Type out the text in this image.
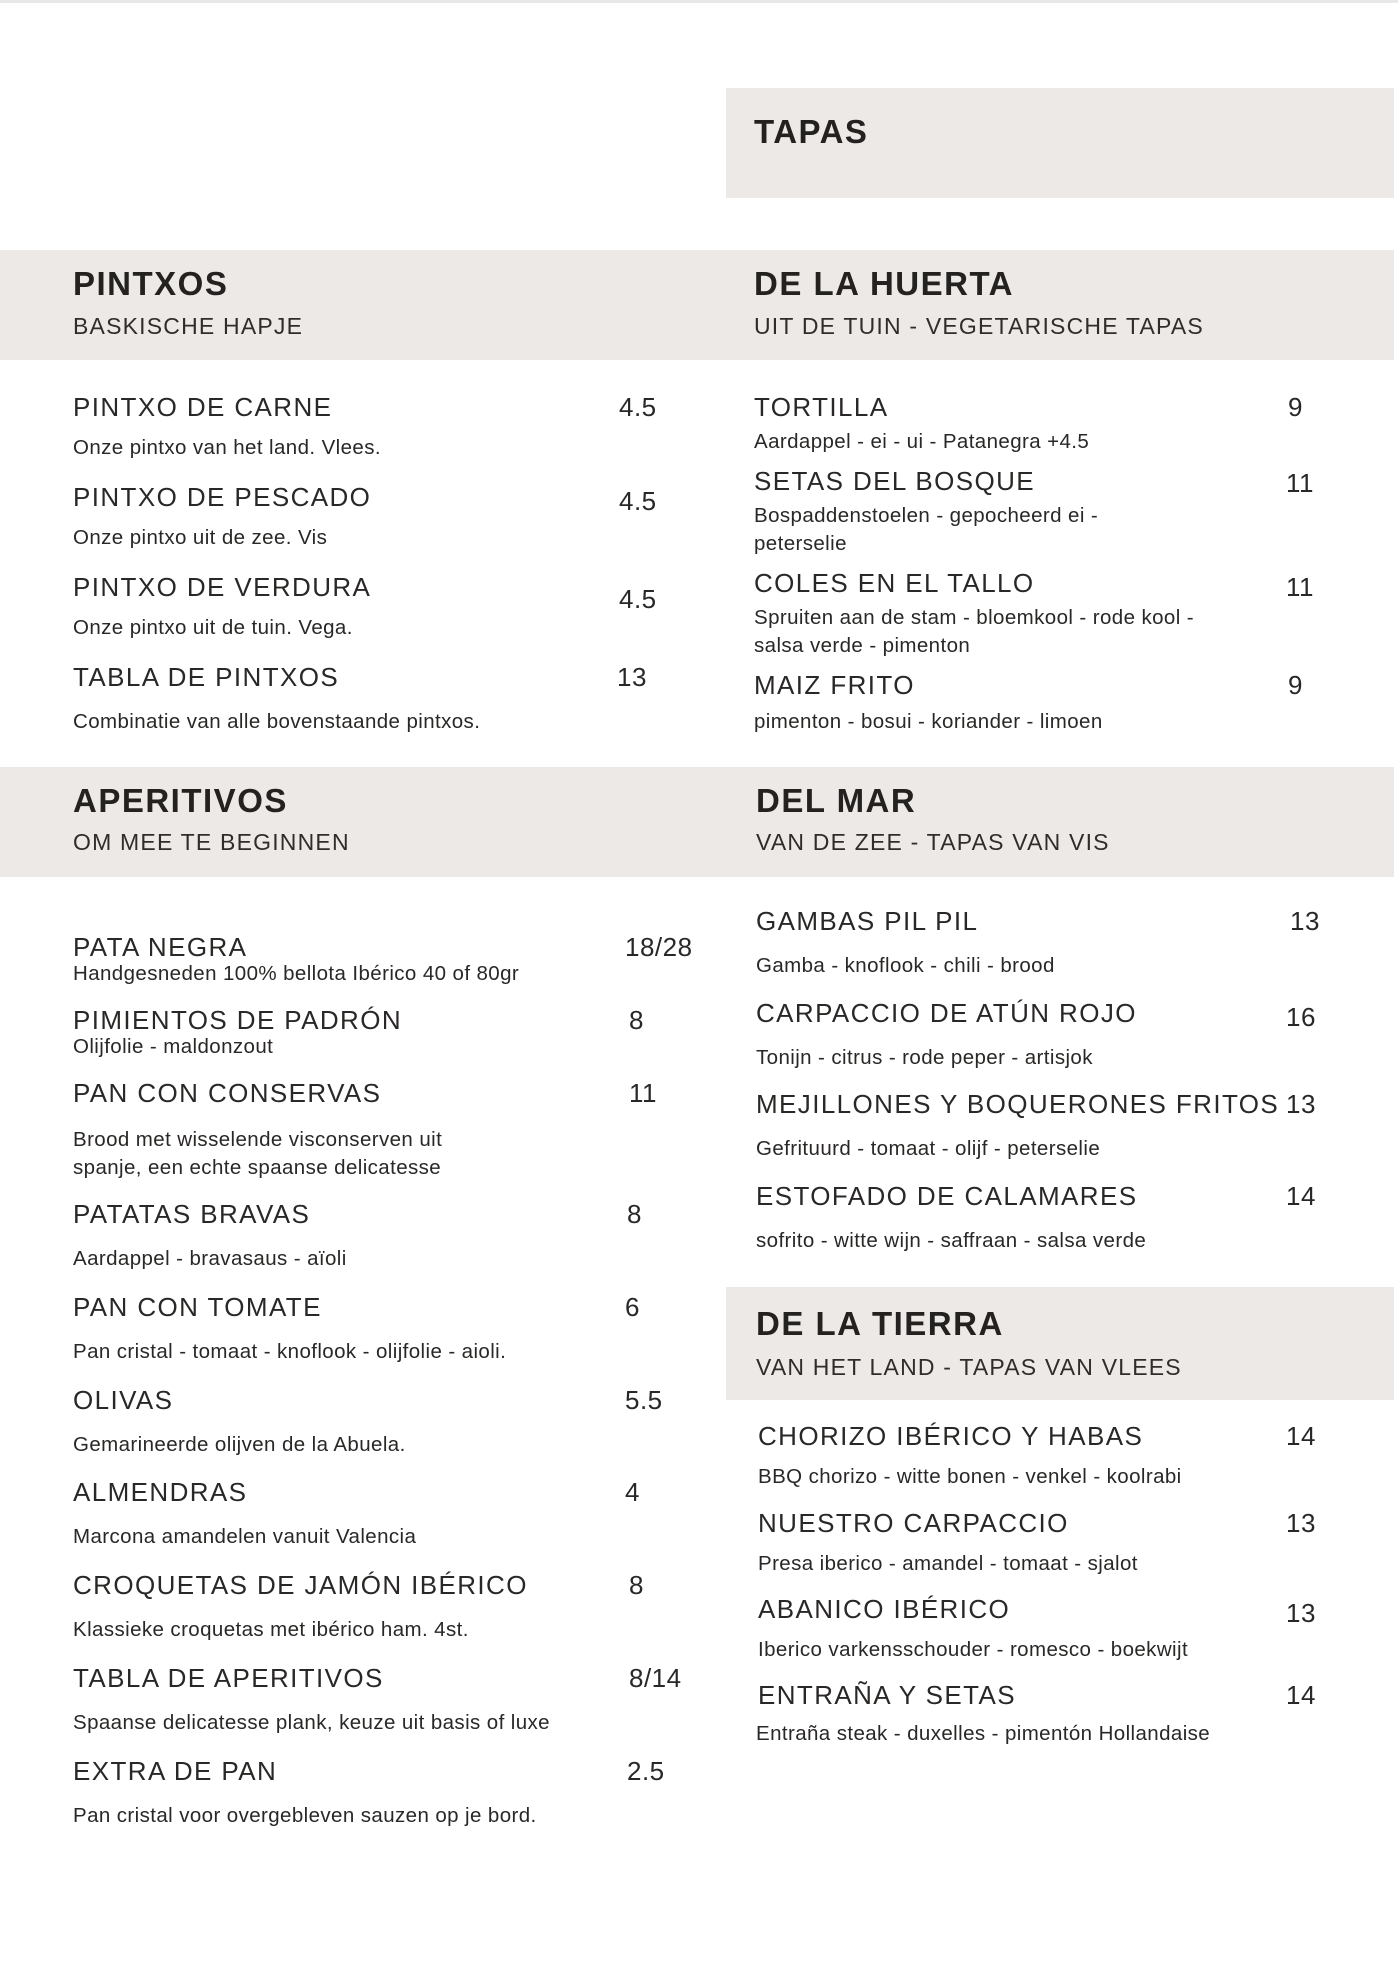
TAPAS
PINTXOS
BASKISCHE HAPJE
DE LA HUERTA
UIT DE TUIN - VEGETARISCHE TAPAS
APERITIVOS
OM MEE TE BEGINNEN
DEL MAR
VAN DE ZEE - TAPAS VAN VIS
DE LA TIERRA
VAN HET LAND - TAPAS VAN VLEES
PINTXO DE CARNE	4.5
Onze pintxo van het land. Vlees.
PINTXO DE PESCADO	4.5
Onze pintxo uit de zee. Vis
PINTXO DE VERDURA	4.5
Onze pintxo uit de tuin. Vega.
TABLA DE PINTXOS	13
Combinatie van alle bovenstaande pintxos.
TORTILLA	9
Aardappel - ei - ui - Patanegra +4.5
SETAS DEL BOSQUE	11
Bospaddenstoelen - gepocheerd ei - peterselie
COLES EN EL TALLO	11
Spruiten aan de stam - bloemkool - rode kool - salsa verde - pimenton
MAIZ FRITO	9
pimenton - bosui - koriander - limoen
PATA NEGRA	18/28
Handgesneden 100% bellota Ibérico 40 of 80gr
PIMIENTOS DE PADRÓN	8
Olijfolie - maldonzout
PAN CON CONSERVAS	11
Brood met wisselende visconserven uit spanje, een echte spaanse delicatesse
PATATAS BRAVAS	8
Aardappel - bravasaus - aïoli
PAN CON TOMATE	6
Pan cristal - tomaat - knoflook - olijfolie - aioli.
OLIVAS	5.5
Gemarineerde olijven de la Abuela.
ALMENDRAS	4
Marcona amandelen vanuit Valencia
CROQUETAS DE JAMÓN IBÉRICO	8
Klassieke croquetas met ibérico ham. 4st.
TABLA DE APERITIVOS	8/14
Spaanse delicatesse plank, keuze uit basis of luxe
EXTRA DE PAN	2.5
Pan cristal voor overgebleven sauzen op je bord.
GAMBAS PIL PIL	13
Gamba - knoflook - chili - brood
CARPACCIO DE ATÚN ROJO	16
Tonijn - citrus - rode peper - artisjok
MEJILLONES Y BOQUERONES FRITOS 13
Gefrituurd - tomaat - olijf - peterselie
ESTOFADO DE CALAMARES	14
sofrito - witte wijn - saffraan - salsa verde
CHORIZO IBÉRICO Y HABAS	14
BBQ chorizo - witte bonen - venkel - koolrabi
NUESTRO CARPACCIO	13
Presa iberico - amandel - tomaat - sjalot
ABANICO IBÉRICO	13
Iberico varkensschouder - romesco - boekwijt
ENTRAÑA Y SETAS	14
Entraña steak - duxelles - pimentón Hollandaise
